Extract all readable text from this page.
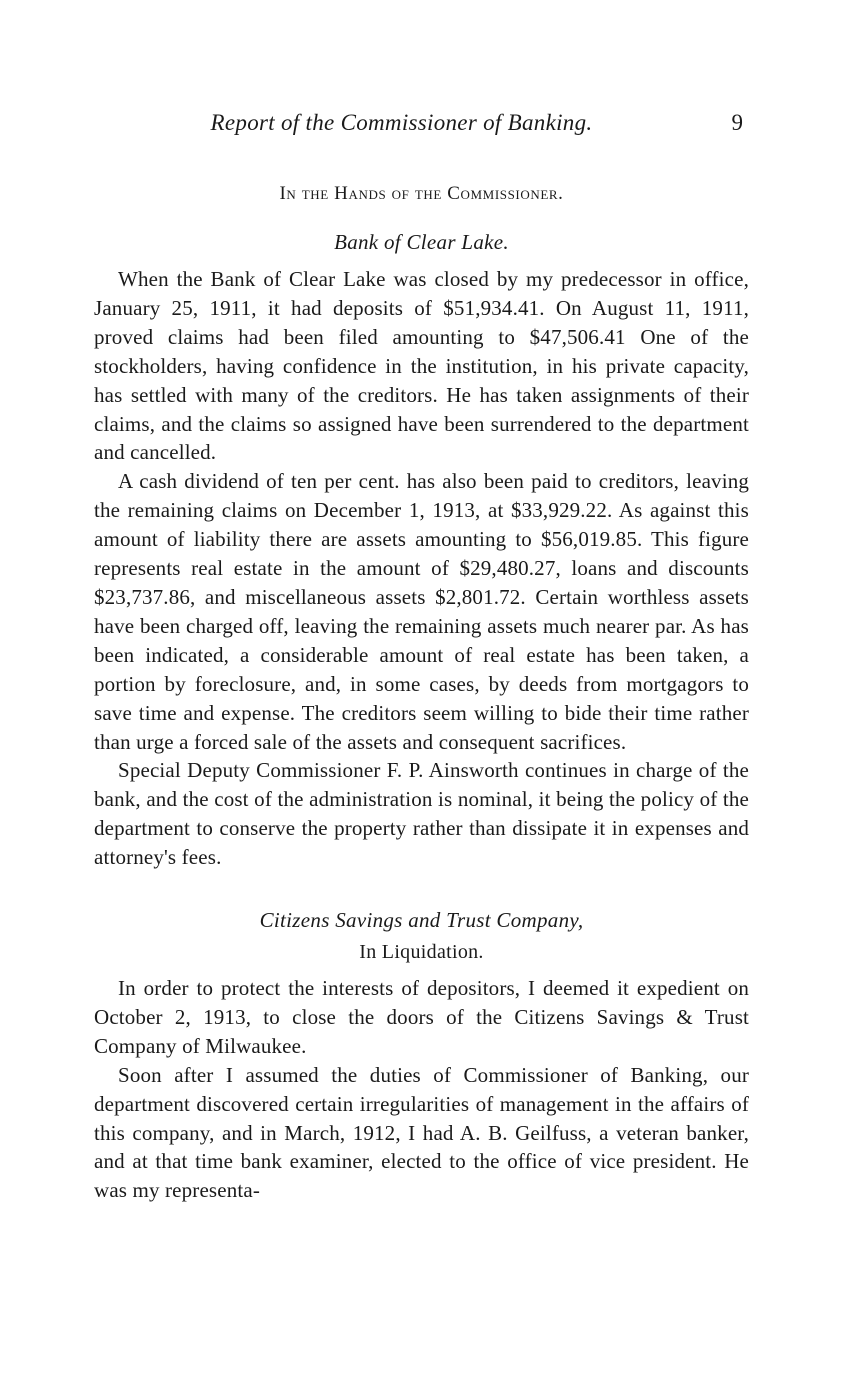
Report of the Commissioner of Banking.	9
In the Hands of the Commissioner.
Bank of Clear Lake.

When the Bank of Clear Lake was closed by my predecessor in office, January 25, 1911, it had deposits of $51,934.41. On August 11, 1911, proved claims had been filed amounting to $47,506.41 One of the stockholders, having confidence in the institution, in his private capacity, has settled with many of the creditors. He has taken assignments of their claims, and the claims so assigned have been surrendered to the department and cancelled.

A cash dividend of ten per cent. has also been paid to creditors, leaving the remaining claims on December 1, 1913, at $33,929.22. As against this amount of liability there are assets amounting to $56,019.85. This figure represents real estate in the amount of $29,480.27, loans and discounts $23,737.86, and miscellaneous assets $2,801.72. Certain worthless assets have been charged off, leaving the remaining assets much nearer par. As has been indicated, a considerable amount of real estate has been taken, a portion by foreclosure, and, in some cases, by deeds from mortgagors to save time and expense. The creditors seem willing to bide their time rather than urge a forced sale of the assets and consequent sacrifices.

Special Deputy Commissioner F. P. Ainsworth continues in charge of the bank, and the cost of the administration is nominal, it being the policy of the department to conserve the property rather than dissipate it in expenses and attorney's fees.

Citizens Savings and Trust Company,
In Liquidation.

In order to protect the interests of depositors, I deemed it expedient on October 2, 1913, to close the doors of the Citizens Savings & Trust Company of Milwaukee.

Soon after I assumed the duties of Commissioner of Banking, our department discovered certain irregularities of management in the affairs of this company, and in March, 1912, I had A. B. Geilfuss, a veteran banker, and at that time bank examiner, elected to the office of vice president. He was my representa-
